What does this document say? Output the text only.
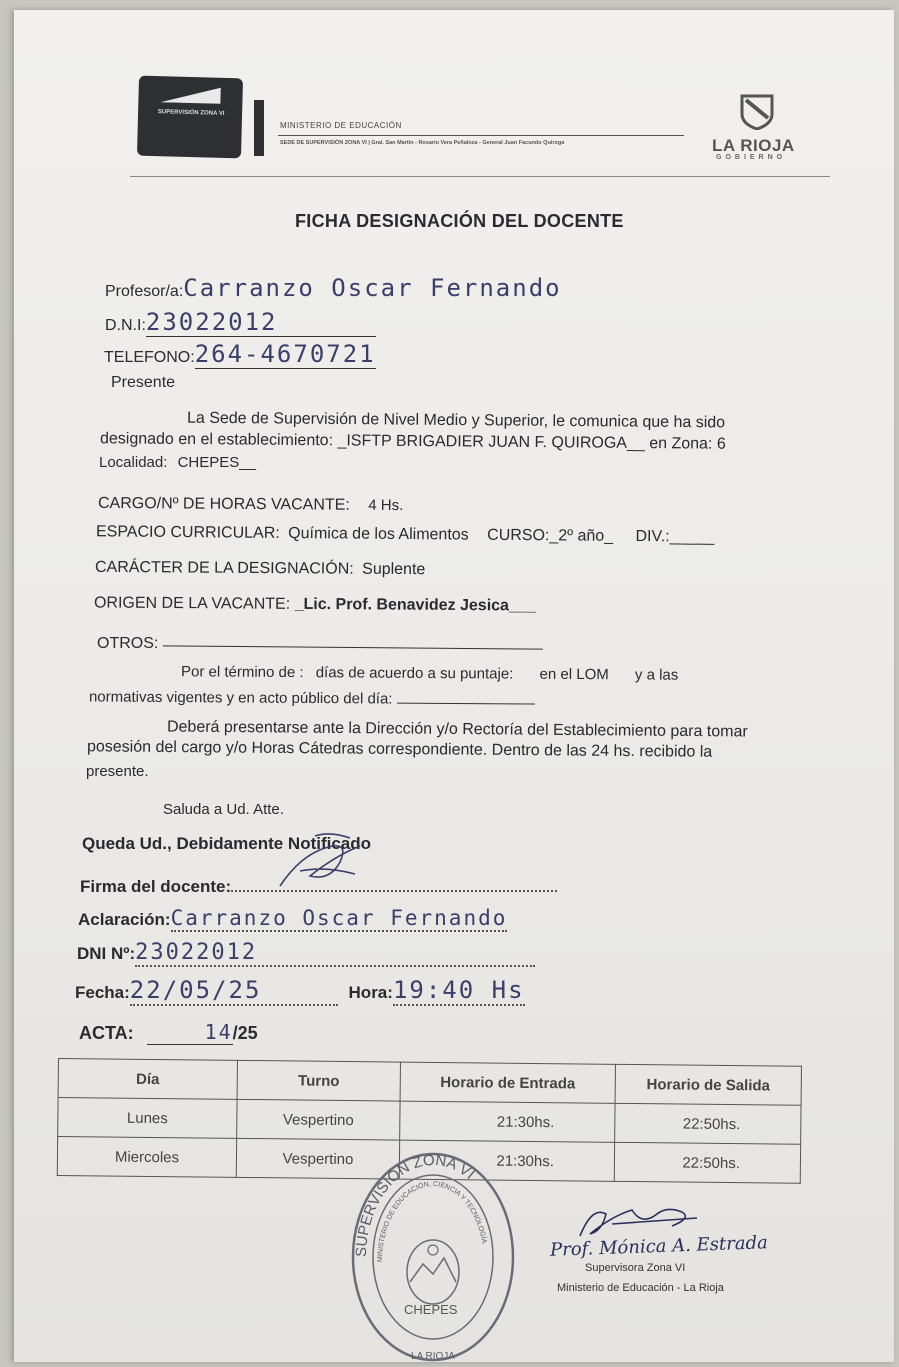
SUPERVISIÓN ZONA VI
MINISTERIO DE EDUCACIÓN
SEDE DE SUPERVISIÓN ZONA VI | Gral. San Martín - Rosario Vera Peñaloza - General Juan Facundo Quiroga	LA RIOJA
GOBIERNO
FICHA DESIGNACIÓN DEL DOCENTE
Profesor/a:Carranzo Oscar Fernando
D.N.I:23022012
TELEFONO:264-4670721
Presente
La Sede de Supervisión de Nivel Medio y Superior, le comunica que ha sido
designado en el establecimiento: _ISFTP BRIGADIER JUAN F. QUIROGA__ en Zona: 6
Localidad: CHEPES__
CARGO/Nº DE HORAS VACANTE: 4 Hs.
ESPACIO CURRICULAR: Química de los Alimentos CURSO:_2º año_ DIV.:_____
CARÁCTER DE LA DESIGNACIÓN: Suplente
ORIGEN DE LA VACANTE: _Lic. Prof. Benavidez Jesica___
OTROS:
Por el término de : días de acuerdo a su puntaje: en el LOM y a las
normativas vigentes y en acto público del día:
Deberá presentarse ante la Dirección y/o Rectoría del Establecimiento para tomar
posesión del cargo y/o Horas Cátedras correspondiente. Dentro de las 24 hs. recibido la
presente.
Saluda a Ud. Atte.
Queda Ud., Debidamente Notificado
Firma del docente:
Aclaración:Carranzo Oscar Fernando
DNI Nº:23022012
Fecha:22/05/25	Hora:19:40 Hs
ACTA:	14/25
Día	Turno	Horario de Entrada	Horario de Salida
Lunes	Vespertino	21:30hs.	22:50hs.
Miercoles	Vespertino	21:30hs.	22:50hs.
SUPERVISIÓN ZONA VI
MINISTERIO DE EDUCACIÓN, CIENCIA Y TECNOLOGÍA
LA RIOJA
CHEPES
Prof. Mónica A. Estrada
Supervisora Zona VI
Ministerio de Educación - La Rioja
